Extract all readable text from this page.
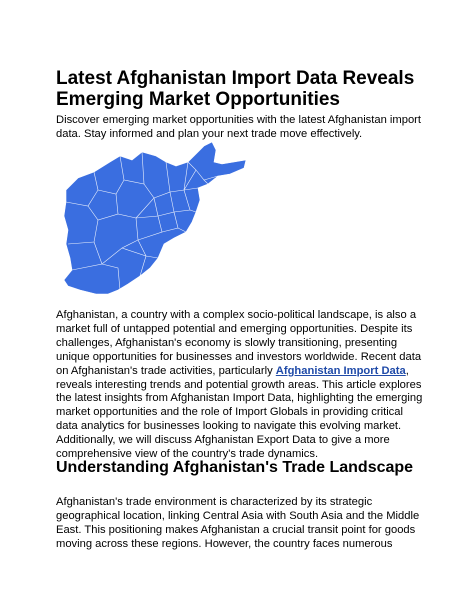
Latest Afghanistan Import Data Reveals Emerging Market Opportunities

Discover emerging market opportunities with the latest Afghanistan import data. Stay informed and plan your next trade move effectively.

Afghanistan, a country with a complex socio-political landscape, is also a market full of untapped potential and emerging opportunities. Despite its challenges, Afghanistan's economy is slowly transitioning, presenting unique opportunities for businesses and investors worldwide. Recent data on Afghanistan's trade activities, particularly Afghanistan Import Data, reveals interesting trends and potential growth areas. This article explores the latest insights from Afghanistan Import Data, highlighting the emerging market opportunities and the role of Import Globals in providing critical data analytics for businesses looking to navigate this evolving market. Additionally, we will discuss Afghanistan Export Data to give a more comprehensive view of the country's trade dynamics.

Understanding Afghanistan's Trade Landscape

Afghanistan's trade environment is characterized by its strategic geographical location, linking Central Asia with South Asia and the Middle East. This positioning makes Afghanistan a crucial transit point for goods moving across these regions. However, the country faces numerous
